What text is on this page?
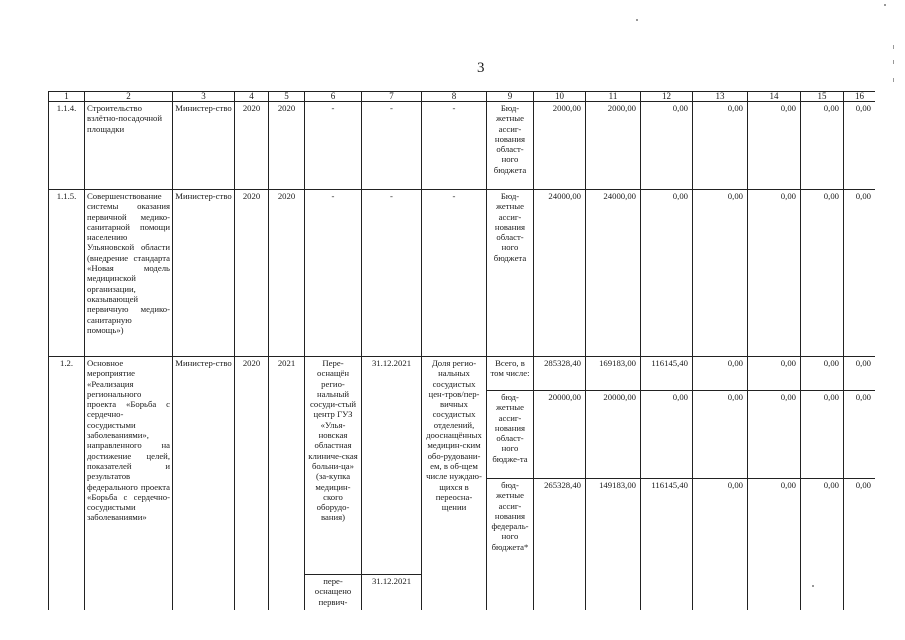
3
1	2	3	4	5	6	7	8	9	10	11	12	13	14	15	16
1.1.4.	Строительство взлётно-посадочной площадки	Министер-ство	2020	2020	-	-	-	Бюд-жетные ассиг-нования област-ного бюджета	2000,00	2000,00	0,00	0,00	0,00	0,00	0,00
1.1.5.	Совершенствование системы оказания первичной медико-санитарной помощи населению Ульяновской области (внедрение стандарта «Новая модель медицинской организации, оказывающей первичную медико-санитарную помощь»)	Министер-ство	2020	2020	-	-	-	Бюд-жетные ассиг-нования област-ного бюджета	24000,00	24000,00	0,00	0,00	0,00	0,00	0,00
1.2.	Основное мероприятие «Реализация регионального проекта «Борьба с сердечно-сосудистыми заболеваниями», направленного на достижение целей, показателей и результатов федерального проекта «Борьба с сердечно-сосудистыми заболеваниями»	Министер-ство	2020	2021	Пере-оснащён регио-нальный сосуди-стый центр ГУЗ «Улья-новская областная клиниче-ская больни-ца» (за-купка медицин-ского оборудо-вания)	31.12.2021	Доля регио-нальных сосудистых цен-тров/пер-вичных сосудистых отделений, дооснащённых медицин-ским обо-рудовани-ем, в об-щем числе нуждаю-щихся в переосна-щении	Всего, в том числе:	285328,40	169183,00	116145,40	0,00	0,00	0,00	0,00
								бюд-жетные ассиг-нования област-ного бюдже-та	20000,00	20000,00	0,00	0,00	0,00	0,00	0,00
								бюд-жетные ассиг-нования федераль-ного бюджета*	265328,40	149183,00	116145,40	0,00	0,00	0,00	0,00
					пере-оснащено первич-	31.12.2021									
